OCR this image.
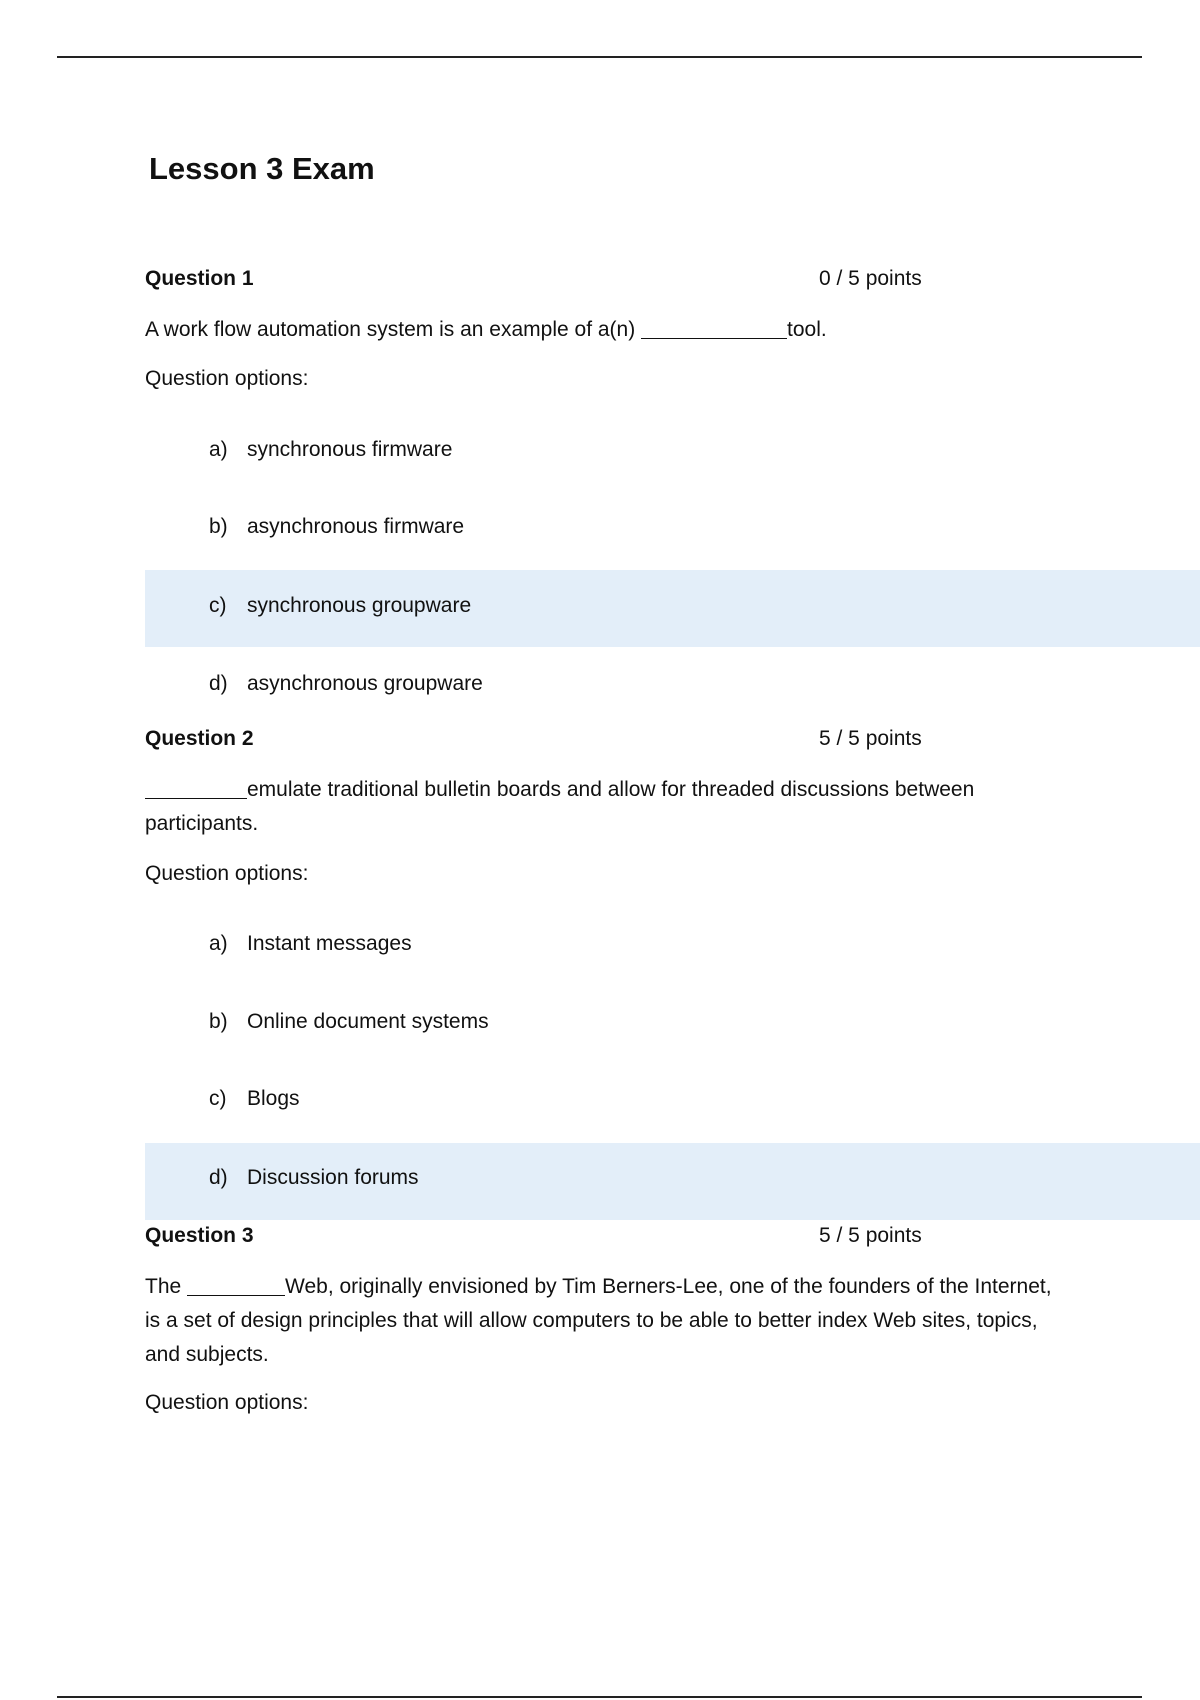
Lesson 3 Exam
Question 1	0 / 5 points

A work flow automation system is an example of a(n)	tool.

Question options:
a) synchronous firmware
b) asynchronous firmware
c) synchronous groupware
d) asynchronous groupware
Question 2	5 / 5 points

emulate traditional bulletin boards and allow for threaded discussions between participants.

Question options:
a) Instant messages
b) Online document systems
c) Blogs
d) Discussion forums
Question 3	5 / 5 points

The	Web, originally envisioned by Tim Berners-Lee, one of the founders of the Internet, is a set of design principles that will allow computers to be able to better index Web sites, topics, and subjects.

Question options:
